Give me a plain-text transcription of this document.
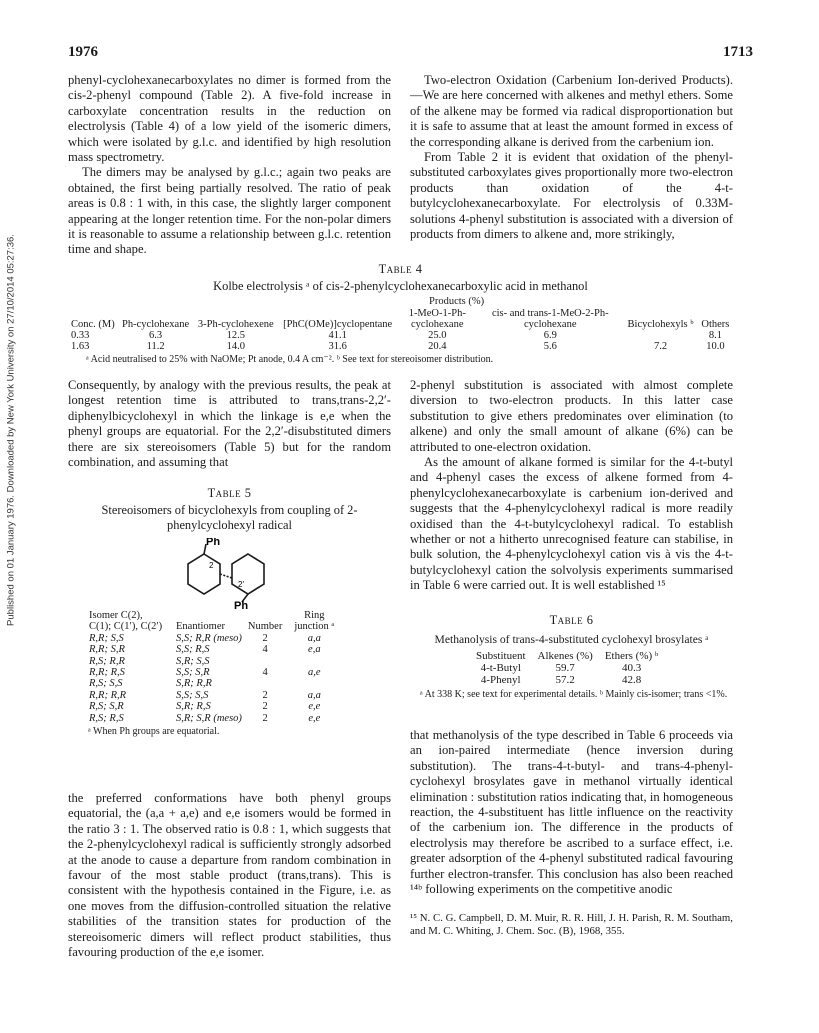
1976	1713
Published on 01 January 1976. Downloaded by New York University on 27/10/2014 05:27:36.

phenyl-cyclohexanecarboxylates no dimer is formed from the cis-2-phenyl compound (Table 2). A five-fold increase in carboxylate concentration results in the reduction on electrolysis (Table 4) of a low yield of the isomeric dimers, which were isolated by g.l.c. and identified by high resolution mass spectrometry.

The dimers may be analysed by g.l.c.; again two peaks are obtained, the first being partially resolved. The ratio of peak areas is 0.8 : 1 with, in this case, the slightly larger component appearing at the longer retention time. For the non-polar dimers it is reasonable to assume a relationship between g.l.c. retention time and shape.

Two-electron Oxidation (Carbenium Ion-derived Products).—We are here concerned with alkenes and methyl ethers. Some of the alkene may be formed via radical disproportionation but it is safe to assume that at least the amount formed in excess of the corresponding alkane is derived from the carbenium ion.

From Table 2 it is evident that oxidation of the phenyl-substituted carboxylates gives proportionally more two-electron products than oxidation of the 4-t-butylcyclohexanecarboxylate. For electrolysis of 0.33M-solutions 4-phenyl substitution is associated with a diversion of products from dimers to alkene and, more strikingly,

Table 4
Kolbe electrolysis ᵃ of cis-2-phenylcyclohexanecarboxylic acid in methanol
Products (%)
Conc. (M)	Ph-cyclohexane	3-Ph-cyclohexene	[PhC(OMe)]cyclopentane	1-MeO-1-Ph-cyclohexane	cis- and trans-1-MeO-2-Ph-cyclohexane	Bicyclohexyls ᵇ	Others
0.33	6.3	12.5	41.1	25.0	6.9		8.1
1.63	11.2	14.0	31.6	20.4	5.6	7.2	10.0
ᵃ Acid neutralised to 25% with NaOMe; Pt anode, 0.4 A cm⁻². ᵇ See text for stereoisomer distribution.

Consequently, by analogy with the previous results, the peak at longest retention time is attributed to trans,trans-2,2′-diphenylbicyclohexyl in which the linkage is e,e when the phenyl groups are equatorial. For the 2,2′-disubstituted dimers there are six stereoisomers (Table 5) but for the random combination, and assuming that

Table 5
Stereoisomers of bicyclohexyls from coupling of 2-phenylcyclohexyl radical
Ph
2
2′
Ph
Isomer C(2), C(1); C(1′), C(2′)	Enantiomer	Number	Ring junction ᵃ
R,R; S,S	S,S; R,R (meso)	2	a,a
R,R; S,R	S,S; R,S	4	e,a
R,S; R,R	S,R; S,S		
R,R; R,S	S,S; S,R	4	a,e
R,S; S,S	S,R; R,R		
R,R; R,R	S,S; S,S	2	a,a
R,S; S,R	S,R; R,S	2	e,e
R,S; R,S	S,R; S,R (meso)	2	e,e
ᵃ When Ph groups are equatorial.

the preferred conformations have both phenyl groups equatorial, the (a,a + a,e) and e,e isomers would be formed in the ratio 3 : 1. The observed ratio is 0.8 : 1, which suggests that the 2-phenylcyclohexyl radical is sufficiently strongly adsorbed at the anode to cause a departure from random combination in favour of the most stable product (trans,trans). This is consistent with the hypothesis contained in the Figure, i.e. as one moves from the diffusion-controlled situation the relative stabilities of the transition states for production of the stereoisomeric dimers will reflect product stabilities, thus favouring production of the e,e isomer.

2-phenyl substitution is associated with almost complete diversion to two-electron products. In this latter case substitution to give ethers predominates over elimination (to alkene) and only the small amount of alkane (6%) can be attributed to one-electron oxidation.

As the amount of alkane formed is similar for the 4-t-butyl and 4-phenyl cases the excess of alkene formed from 4-phenylcyclohexanecarboxylate is carbenium ion-derived and suggests that the 4-phenylcyclohexyl radical is more readily oxidised than the 4-t-butylcyclohexyl radical. To establish whether or not a hitherto unrecognised feature can stabilise, in bulk solution, the 4-phenylcyclohexyl cation vis à vis the 4-t-butylcyclohexyl cation the solvolysis experiments summarised in Table 6 were carried out. It is well established ¹⁵

Table 6
Methanolysis of trans-4-substituted cyclohexyl brosylates ᵃ
Substituent	Alkenes (%)	Ethers (%) ᵇ
4-t-Butyl	59.7	40.3
4-Phenyl	57.2	42.8
ᵃ At 338 K; see text for experimental details. ᵇ Mainly cis-isomer; trans <1%.

that methanolysis of the type described in Table 6 proceeds via an ion-paired intermediate (hence inversion during substitution). The trans-4-t-butyl- and trans-4-phenyl-cyclohexyl brosylates gave in methanol virtually identical elimination : substitution ratios indicating that, in homogeneous reaction, the 4-substituent has little influence on the reactivity of the carbenium ion. The difference in the products of electrolysis may therefore be ascribed to a surface effect, i.e. greater adsorption of the 4-phenyl substituted radical favouring further electron-transfer. This conclusion has also been reached ¹⁴ᵇ following experiments on the competitive anodic

¹⁵ N. C. G. Campbell, D. M. Muir, R. R. Hill, J. H. Parish, R. M. Southam, and M. C. Whiting, J. Chem. Soc. (B), 1968, 355.
